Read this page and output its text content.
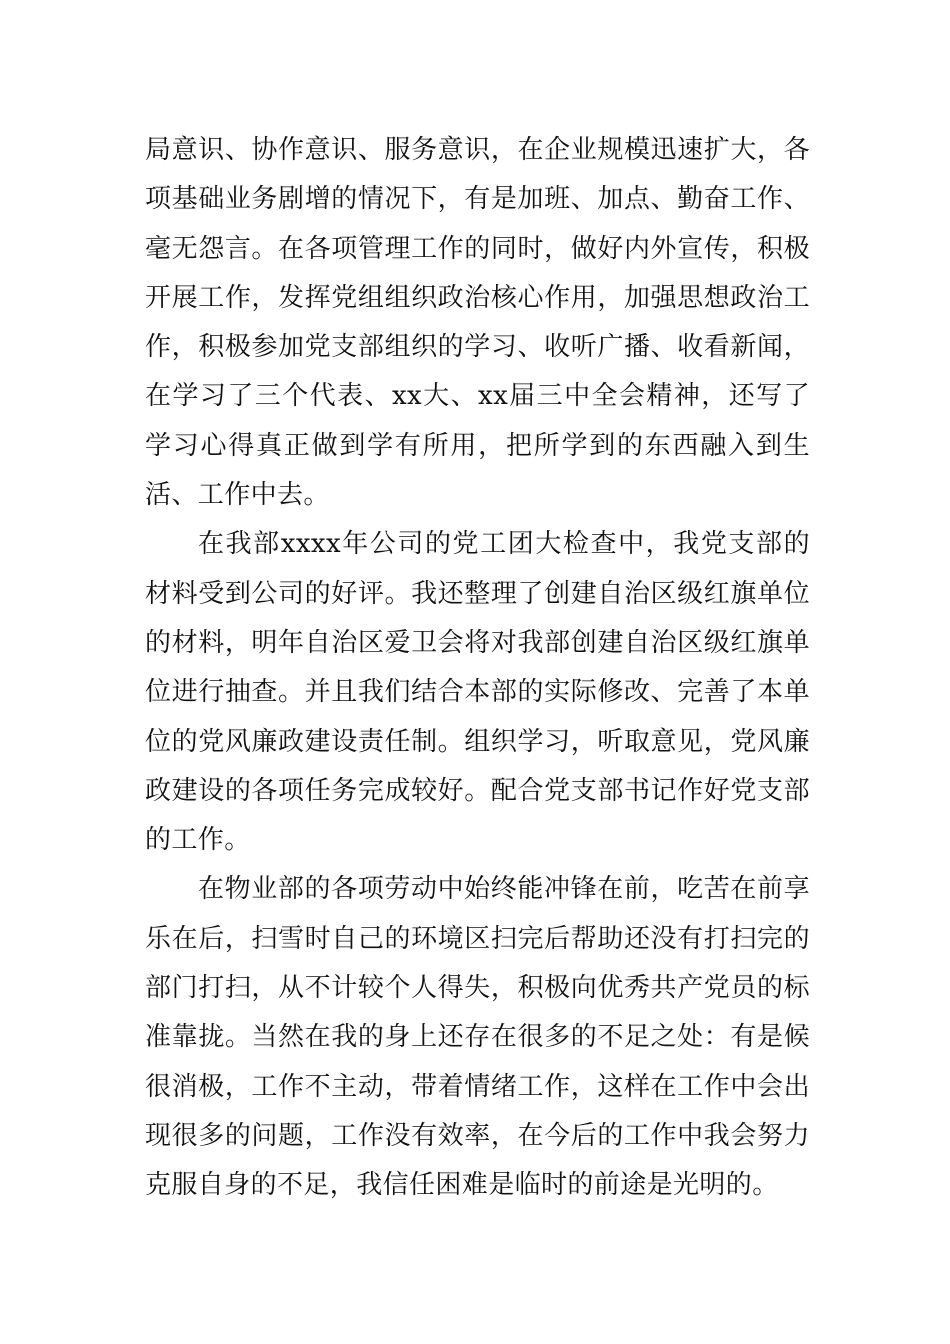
局意识、协作意识、服务意识，在企业规模迅速扩大，各项基础业务剧增的情况下，有是加班、加点、勤奋工作、毫无怨言。在各项管理工作的同时，做好内外宣传，积极开展工作，发挥党组组织政治核心作用，加强思想政治工作，积极参加党支部组织的学习、收听广播、收看新闻，在学习了三个代表、xx大、xx届三中全会精神，还写了学习心得真正做到学有所用，把所学到的东西融入到生活、工作中去。

在我部xxxx年公司的党工团大检查中，我党支部的材料受到公司的好评。我还整理了创建自治区级红旗单位的材料，明年自治区爱卫会将对我部创建自治区级红旗单位进行抽查。并且我们结合本部的实际修改、完善了本单位的党风廉政建设责任制。组织学习，听取意见，党风廉政建设的各项任务完成较好。配合党支部书记作好党支部的工作。

在物业部的各项劳动中始终能冲锋在前，吃苦在前享乐在后，扫雪时自己的环境区扫完后帮助还没有打扫完的部门打扫，从不计较个人得失，积极向优秀共产党员的标准靠拢。当然在我的身上还存在很多的不足之处：有是候很消极，工作不主动，带着情绪工作，这样在工作中会出现很多的问题，工作没有效率，在今后的工作中我会努力克服自身的不足，我信任困难是临时的前途是光明的。
